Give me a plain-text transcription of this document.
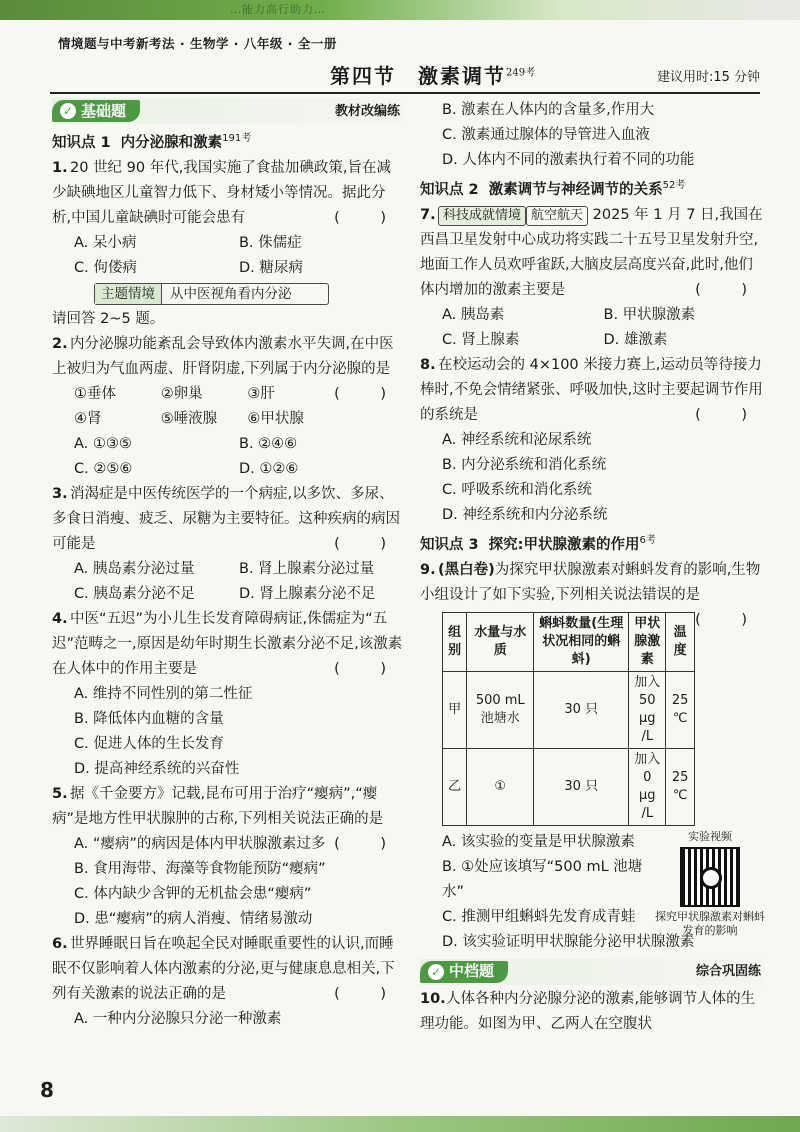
…能力高行助力…
情境题与中考新考法 · 生物学 · 八年级 · 全一册
第四节　激素调节$^{249考}$	建议用时:15 分钟
✓ 基础题	教材改编练
知识点 1 内分泌腺和激素$^{191考}$
1. 20 世纪 90 年代,我国实施了食盐加碘政策,旨在减少缺碘地区儿童智力低下、身材矮小等情况。据此分析,中国儿童缺碘时可能会患有	( )
A. 呆小病	B. 侏儒症
C. 佝偻病	D. 糖尿病
主题情境	从中医视角看内分泌
请回答 2~5 题。
2. 内分泌腺功能紊乱会导致体内激素水平失调,在中医上被归为气血两虚、肝肾阴虚,下列属于内分泌腺的是
( )
①垂体	②卵巢	③肝
④肾	⑤唾液腺	⑥甲状腺
A. ①③⑤	B. ②④⑥
C. ②⑤⑥	D. ①②⑥
3. 消渴症是中医传统医学的一个病症,以多饮、多尿、多食日消瘦、疲乏、尿糖为主要特征。这种疾病的病因可能是	( )
A. 胰岛素分泌过量	B. 肾上腺素分泌过量
C. 胰岛素分泌不足	D. 肾上腺素分泌不足
4. 中医“五迟”为小儿生长发育障碍病证,侏儒症为“五迟”范畴之一,原因是幼年时期生长激素分泌不足,该激素在人体中的作用主要是	( )
A. 维持不同性别的第二性征
B. 降低体内血糖的含量
C. 促进人体的生长发育
D. 提高神经系统的兴奋性
5. 据《千金要方》记载,昆布可用于治疗“瘿病”,“瘿病”是地方性甲状腺肿的古称,下列相关说法正确的是
( )
A. “瘿病”的病因是体内甲状腺激素过多
B. 食用海带、海藻等食物能预防“瘿病”
C. 体内缺少含钾的无机盐会患“瘿病”
D. 患“瘿病”的病人消瘦、情绪易激动
6. 世界睡眠日旨在唤起全民对睡眠重要性的认识,而睡眠不仅影响着人体内激素的分泌,更与健康息息相关,下列有关激素的说法正确的是	( )
A. 一种内分泌腺只分泌一种激素
B. 激素在人体内的含量多,作用大
C. 激素通过腺体的导管进入血液
D. 人体内不同的激素执行着不同的功能
知识点 2 激素调节与神经调节的关系$^{52考}$
7. 科技成就情境 航空航天 2025 年 1 月 7 日,我国在西昌卫星发射中心成功将实践二十五号卫星发射升空,地面工作人员欢呼雀跃,大脑皮层高度兴奋,此时,他们体内增加的激素主要是	( )
A. 胰岛素	B. 甲状腺激素
C. 肾上腺素	D. 雄激素
8. 在校运动会的 4×100 米接力赛上,运动员等待接力棒时,不免会情绪紧张、呼吸加快,这时主要起调节作用的系统是	( )
A. 神经系统和泌尿系统
B. 内分泌系统和消化系统
C. 呼吸系统和消化系统
D. 神经系统和内分泌系统
知识点 3 探究:甲状腺激素的作用$^{6考}$
9. (黑白卷)为探究甲状腺激素对蝌蚪发育的影响,生物小组设计了如下实验,下列相关说法错误的是
( )
组别	水量与水质	蝌蚪数量(生理状况相同的蝌蚪)	甲状腺激素	温度
甲	500 mL 池塘水	30 只	加入 50 μg /L	25 ℃
乙	①	30 只	加入 0 μg /L	25 ℃
实验视频
探究甲状腺激素对蝌蚪发育的影响
A. 该实验的变量是甲状腺激素
B. ①处应该填写“500 mL 池塘水”
C. 推测甲组蝌蚪先发育成青蛙
D. 该实验证明甲状腺能分泌甲状腺激素
✓ 中档题	综合巩固练
10.人体各种内分泌腺分泌的激素,能够调节人体的生理功能。如图为甲、乙两人在空腹状
8
